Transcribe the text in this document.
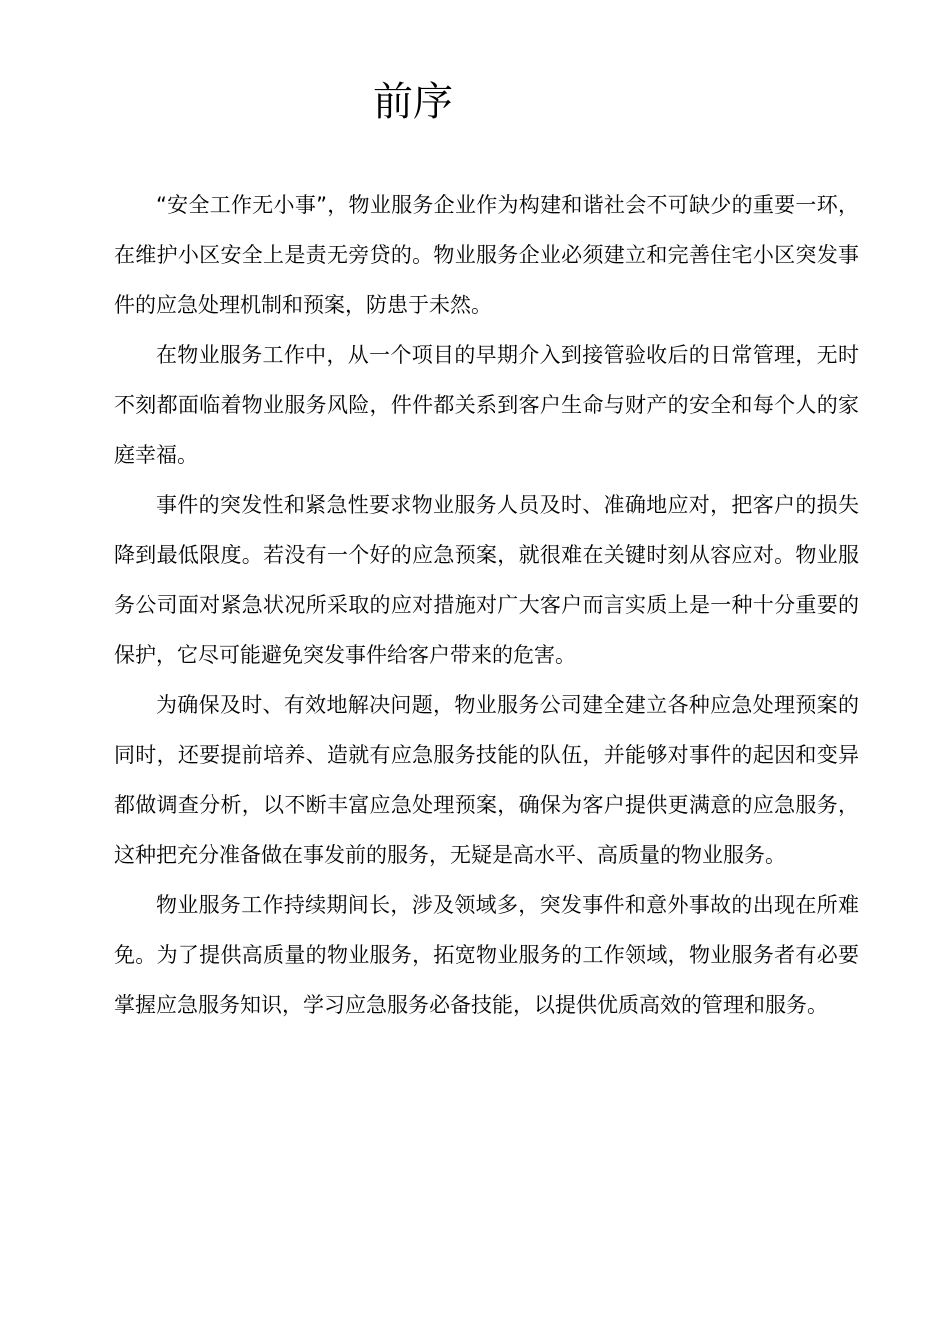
前序

“安全工作无小事”，物业服务企业作为构建和谐社会不可缺少的重要一环，在维护小区安全上是责无旁贷的。物业服务企业必须建立和完善住宅小区突发事件的应急处理机制和预案，防患于未然。

在物业服务工作中，从一个项目的早期介入到接管验收后的日常管理，无时不刻都面临着物业服务风险，件件都关系到客户生命与财产的安全和每个人的家庭幸福。

事件的突发性和紧急性要求物业服务人员及时、准确地应对，把客户的损失降到最低限度。若没有一个好的应急预案，就很难在关键时刻从容应对。物业服务公司面对紧急状况所采取的应对措施对广大客户而言实质上是一种十分重要的保护，它尽可能避免突发事件给客户带来的危害。

为确保及时、有效地解决问题，物业服务公司建全建立各种应急处理预案的同时，还要提前培养、造就有应急服务技能的队伍，并能够对事件的起因和变异都做调查分析，以不断丰富应急处理预案，确保为客户提供更满意的应急服务，这种把充分准备做在事发前的服务，无疑是高水平、高质量的物业服务。

物业服务工作持续期间长，涉及领域多，突发事件和意外事故的出现在所难免。为了提供高质量的物业服务，拓宽物业服务的工作领域，物业服务者有必要掌握应急服务知识，学习应急服务必备技能，以提供优质高效的管理和服务。
